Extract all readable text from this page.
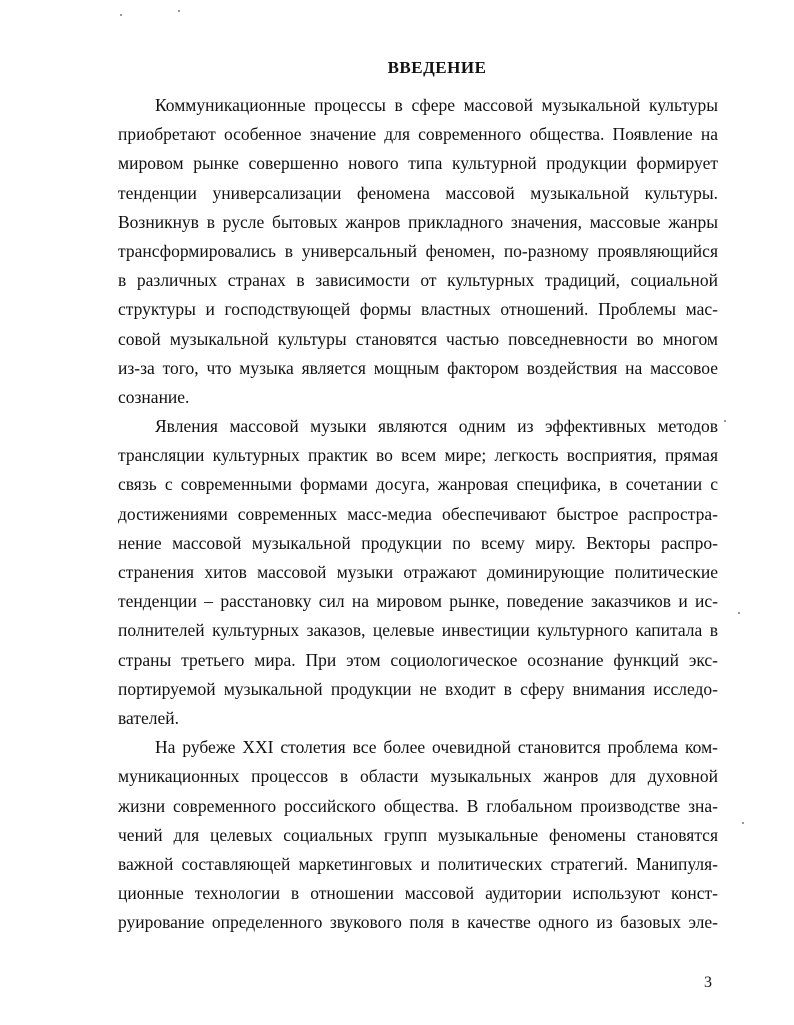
ВВЕДЕНИЕ
Коммуникационные процессы в сфере массовой музыкальной культуры
приобретают особенное значение для современного общества. Появление на
мировом рынке совершенно нового типа культурной продукции формирует
тенденции универсализации феномена массовой музыкальной культуры.
Возникнув в русле бытовых жанров прикладного значения, массовые жанры
трансформировались в универсальный феномен, по-разному проявляющийся
в различных странах в зависимости от культурных традиций, социальной
структуры и господствующей формы властных отношений. Проблемы мас-
совой музыкальной культуры становятся частью повседневности во многом
из-за того, что музыка является мощным фактором воздействия на массовое
сознание.
Явления массовой музыки являются одним из эффективных методов
трансляции культурных практик во всем мире; легкость восприятия, прямая
связь с современными формами досуга, жанровая специфика, в сочетании с
достижениями современных масс-медиа обеспечивают быстрое распростра-
нение массовой музыкальной продукции по всему миру. Векторы распро-
странения хитов массовой музыки отражают доминирующие политические
тенденции – расстановку сил на мировом рынке, поведение заказчиков и ис-
полнителей культурных заказов, целевые инвестиции культурного капитала в
страны третьего мира. При этом социологическое осознание функций экс-
портируемой музыкальной продукции не входит в сферу внимания исследо-
вателей.
На рубеже XXI столетия все более очевидной становится проблема ком-
муникационных процессов в области музыкальных жанров для духовной
жизни современного российского общества. В глобальном производстве зна-
чений для целевых социальных групп музыкальные феномены становятся
важной составляющей маркетинговых и политических стратегий. Манипуля-
ционные технологии в отношении массовой аудитории используют конст-
руирование определенного звукового поля в качестве одного из базовых эле-
3
